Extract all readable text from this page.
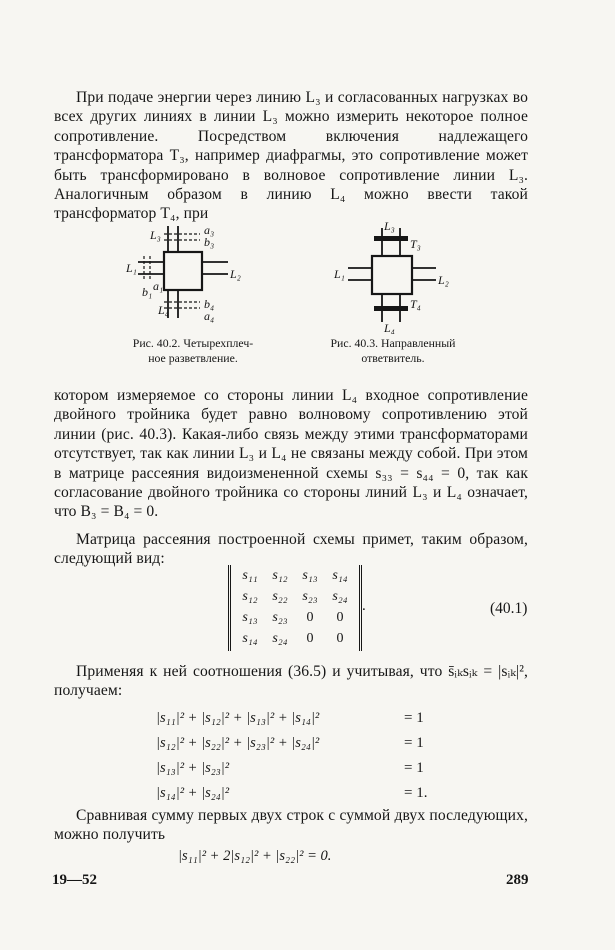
При подаче энергии через линию L₃ и согласованных нагрузках во всех других линиях в линии L₃ можно измерить некоторое полное сопротивление. Посредством включения надлежащего трансформатора T₃, например диафрагмы, это сопротивление может быть трансформировано в волновое сопротивление линии L₃. Аналогичным образом в линию L₄ можно ввести такой трансформатор T₄, при

L₃	a₃
b₃
L₁	L₂
b₁ a₁
L₄	b₄
a₄
L₃
T₃
L₁	L₂
T₄
L₄

Рис. 40.2. Четырехплеч-
ное разветвление.

Рис. 40.3. Направленный
ответвитель.

котором измеряемое со стороны линии L₄ входное сопротивление двойного тройника будет равно волновому сопротивлению этой линии (рис. 40.3). Какая-либо связь между этими трансформаторами отсутствует, так как линии L₃ и L₄ не связаны между собой. При этом в матрице рассеяния видоизмененной схемы s₃₃ = s₄₄ = 0, так как согласование двойного тройника со стороны линий L₃ и L₄ означает, что B₃ = B₄ = 0.

Матрица рассеяния построенной схемы примет, таким образом, следующий вид:

s₁₁	s₁₂	s₁₃	s₁₄
s₁₂	s₂₂	s₂₃	s₂₄
s₁₃	s₂₃	0	0
s₁₄	s₂₄	0	0
.	(40.1)

Применяя к ней соотношения (36.5) и учитывая, что s̄ᵢₖsᵢₖ = |sᵢₖ|², получаем:

|s₁₁|² + |s₁₂|² + |s₁₃|² + |s₁₄|²	= 1
|s₁₂|² + |s₂₂|² + |s₂₃|² + |s₂₄|²	= 1
|s₁₃|² + |s₂₃|²	= 1
|s₁₄|² + |s₂₄|²	= 1.

Сравнивая сумму первых двух строк с суммой двух последующих, можно получить

|s₁₁|² + 2|s₁₂|² + |s₂₂|² = 0.
19—52	289
